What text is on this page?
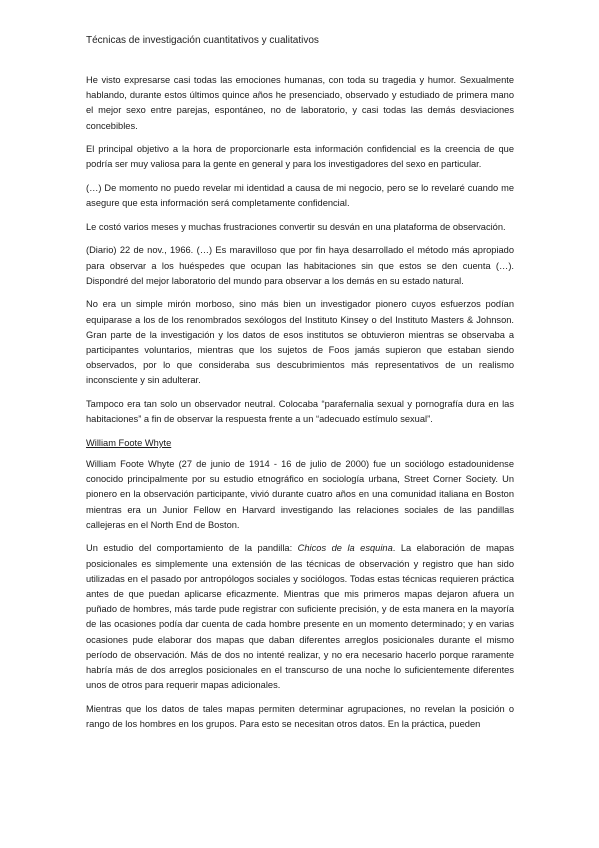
Técnicas de investigación cuantitativos y cualitativos

He visto expresarse casi todas las emociones humanas, con toda su tragedia y humor. Sexualmente hablando, durante estos últimos quince años he presenciado, observado y estudiado de primera mano el mejor sexo entre parejas, espontáneo, no de laboratorio, y casi todas las demás desviaciones concebibles.

El principal objetivo a la hora de proporcionarle esta información confidencial es la creencia de que podría ser muy valiosa para la gente en general y para los investigadores del sexo en particular.

(…) De momento no puedo revelar mi identidad a causa de mi negocio, pero se lo revelaré cuando me asegure que esta información será completamente confidencial.

Le costó varios meses y muchas frustraciones convertir su desván en una plataforma de observación.

(Diario) 22 de nov., 1966. (…) Es maravilloso que por fin haya desarrollado el método más apropiado para observar a los huéspedes que ocupan las habitaciones sin que estos se den cuenta (…). Dispondré del mejor laboratorio del mundo para observar a los demás en su estado natural.

No era un simple mirón morboso, sino más bien un investigador pionero cuyos esfuerzos podían equiparase a los de los renombrados sexólogos del Instituto Kinsey o del Instituto Masters & Johnson. Gran parte de la investigación y los datos de esos institutos se obtuvieron mientras se observaba a participantes voluntarios, mientras que los sujetos de Foos jamás supieron que estaban siendo observados, por lo que consideraba sus descubrimientos más representativos de un realismo inconsciente y sin adulterar.

Tampoco era tan solo un observador neutral. Colocaba “parafernalia sexual y pornografía dura en las habitaciones” a fin de observar la respuesta frente a un “adecuado estímulo sexual”.

William Foote Whyte

William Foote Whyte (27 de junio de 1914 - 16 de julio de 2000) fue un sociólogo estadounidense conocido principalmente por su estudio etnográfico en sociología urbana, Street Corner Society. Un pionero en la observación participante, vivió durante cuatro años en una comunidad italiana en Boston mientras era un Junior Fellow en Harvard investigando las relaciones sociales de las pandillas callejeras en el North End de Boston.

Un estudio del comportamiento de la pandilla: Chicos de la esquina. La elaboración de mapas posicionales es simplemente una extensión de las técnicas de observación y registro que han sido utilizadas en el pasado por antropólogos sociales y sociólogos. Todas estas técnicas requieren práctica antes de que puedan aplicarse eficazmente. Mientras que mis primeros mapas dejaron afuera un puñado de hombres, más tarde pude registrar con suficiente precisión, y de esta manera en la mayoría de las ocasiones podía dar cuenta de cada hombre presente en un momento determinado; y en varias ocasiones pude elaborar dos mapas que daban diferentes arreglos posicionales durante el mismo período de observación. Más de dos no intenté realizar, y no era necesario hacerlo porque raramente habría más de dos arreglos posicionales en el transcurso de una noche lo suficientemente diferentes unos de otros para requerir mapas adicionales.

Mientras que los datos de tales mapas permiten determinar agrupaciones, no revelan la posición o rango de los hombres en los grupos. Para esto se necesitan otros datos. En la práctica, pueden
